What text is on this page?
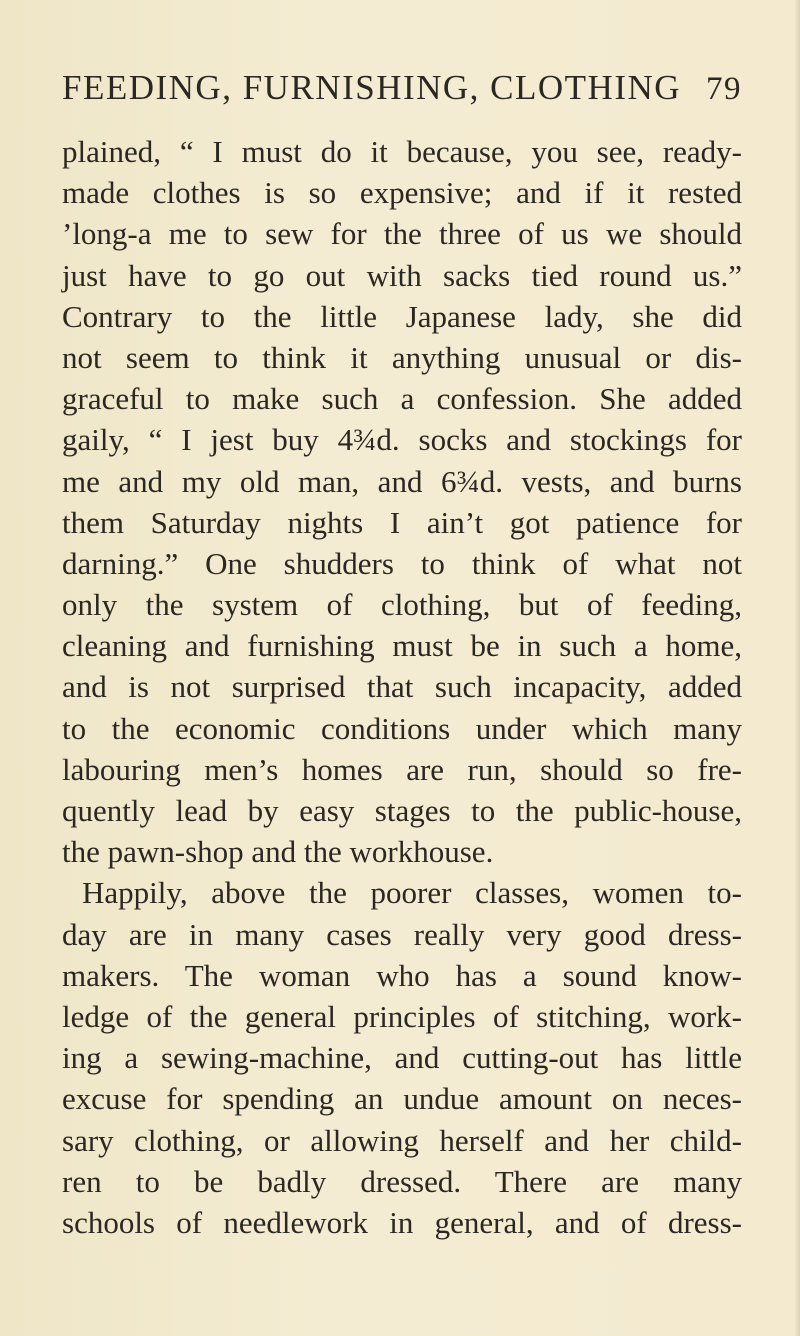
FEEDING, FURNISHING, CLOTHING 79
plained, “ I must do it because, you see, ready-
made clothes is so expensive; and if it rested
’long-a me to sew for the three of us we should
just have to go out with sacks tied round us.”
Contrary to the little Japanese lady, she did
not seem to think it anything unusual or dis-
graceful to make such a confession. She added
gaily, “ I jest buy 4¾d. socks and stockings for
me and my old man, and 6¾d. vests, and burns
them Saturday nights I ain’t got patience for
darning.” One shudders to think of what not
only the system of clothing, but of feeding,
cleaning and furnishing must be in such a home,
and is not surprised that such incapacity, added
to the economic conditions under which many
labouring men’s homes are run, should so fre-
quently lead by easy stages to the public-house,
the pawn-shop and the workhouse.
Happily, above the poorer classes, women to-
day are in many cases really very good dress-
makers. The woman who has a sound know-
ledge of the general principles of stitching, work-
ing a sewing-machine, and cutting-out has little
excuse for spending an undue amount on neces-
sary clothing, or allowing herself and her child-
ren to be badly dressed. There are many
schools of needlework in general, and of dress-
